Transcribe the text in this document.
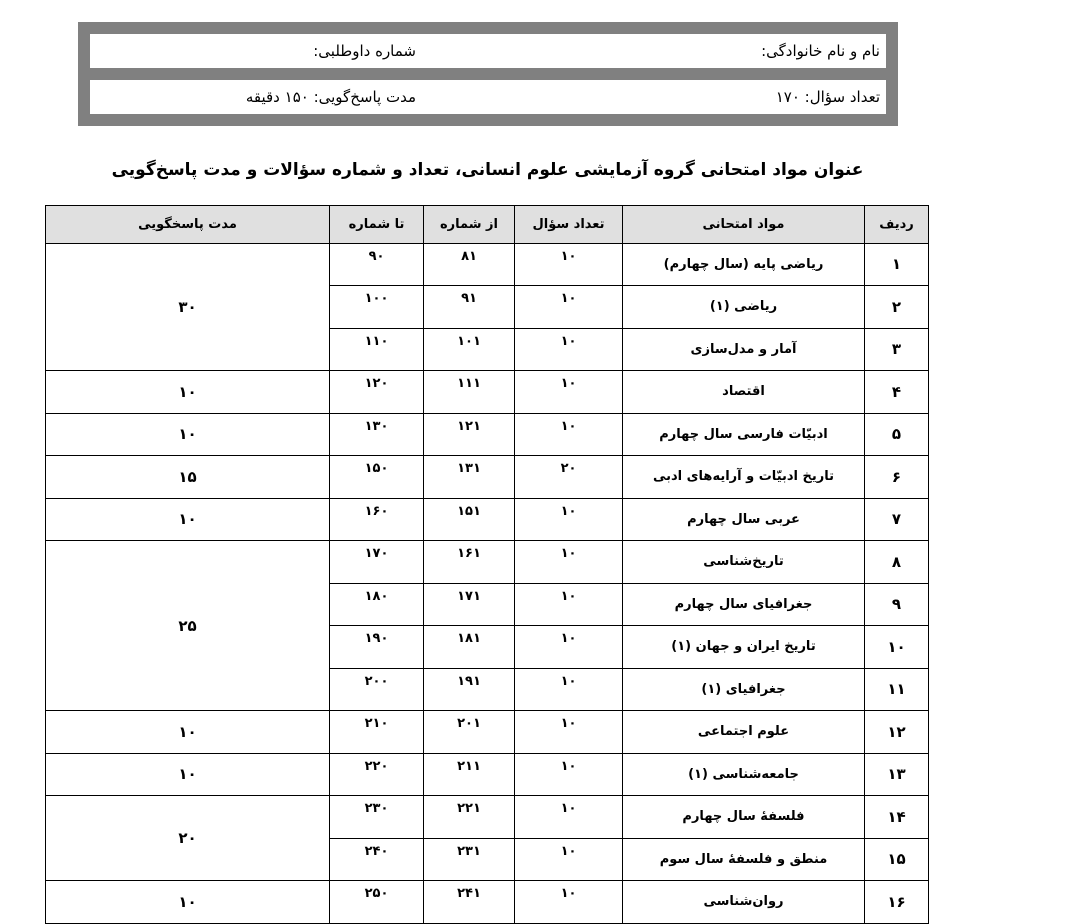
نام و نام خانوادگی:
شماره داوطلبی:
تعداد سؤال: ۱۷۰
مدت پاسخ‌گویی: ۱۵۰ دقیقه
عنوان مواد امتحانی گروه آزمایشی علوم انسانی، تعداد و شماره سؤالات و مدت پاسخ‌گویی
ردیف	مواد امتحانی	تعداد سؤال	از شماره	تا شماره	مدت پاسخگویی
۱	ریاضی پایه (سال چهارم)	۱۰	۸۱	۹۰	۳۰
۲	ریاضی (۱)	۱۰	۹۱	۱۰۰	
۳	آمار و مدل‌سازی	۱۰	۱۰۱	۱۱۰	
۴	اقتصاد	۱۰	۱۱۱	۱۲۰	۱۰
۵	ادبیّات فارسی سال چهارم	۱۰	۱۲۱	۱۳۰	۱۰
۶	تاریخ ادبیّات و آرایه‌های ادبی	۲۰	۱۳۱	۱۵۰	۱۵
۷	عربی سال چهارم	۱۰	۱۵۱	۱۶۰	۱۰
۸	تاریخ‌شناسی	۱۰	۱۶۱	۱۷۰	۲۵
۹	جغرافیای سال چهارم	۱۰	۱۷۱	۱۸۰	
۱۰	تاریخ ایران و جهان (۱)	۱۰	۱۸۱	۱۹۰	
۱۱	جغرافیای (۱)	۱۰	۱۹۱	۲۰۰	
۱۲	علوم اجتماعی	۱۰	۲۰۱	۲۱۰	۱۰
۱۳	جامعه‌شناسی (۱)	۱۰	۲۱۱	۲۲۰	۱۰
۱۴	فلسفهٔ سال چهارم	۱۰	۲۲۱	۲۳۰	۲۰
۱۵	منطق و فلسفهٔ سال سوم	۱۰	۲۳۱	۲۴۰	
۱۶	روان‌شناسی	۱۰	۲۴۱	۲۵۰	۱۰
